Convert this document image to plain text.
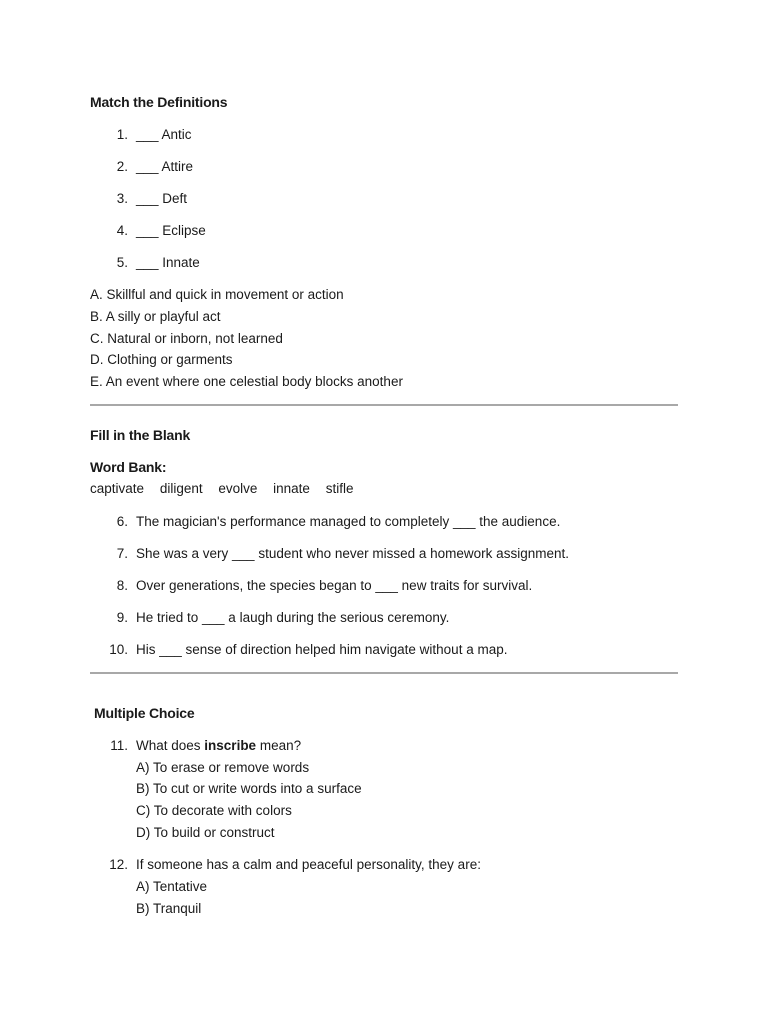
Match the Definitions
1. ___ Antic
2. ___ Attire
3. ___ Deft
4. ___ Eclipse
5. ___ Innate
A. Skillful and quick in movement or action
B. A silly or playful act
C. Natural or inborn, not learned
D. Clothing or garments
E. An event where one celestial body blocks another
Fill in the Blank
Word Bank:
captivate diligent evolve innate stifle
6. The magician's performance managed to completely ___ the audience.
7. She was a very ___ student who never missed a homework assignment.
8. Over generations, the species began to ___ new traits for survival.
9. He tried to ___ a laugh during the serious ceremony.
10. His ___ sense of direction helped him navigate without a map.
Multiple Choice
11. What does inscribe mean?
A) To erase or remove words
B) To cut or write words into a surface
C) To decorate with colors
D) To build or construct
12. If someone has a calm and peaceful personality, they are:
A) Tentative
B) Tranquil
